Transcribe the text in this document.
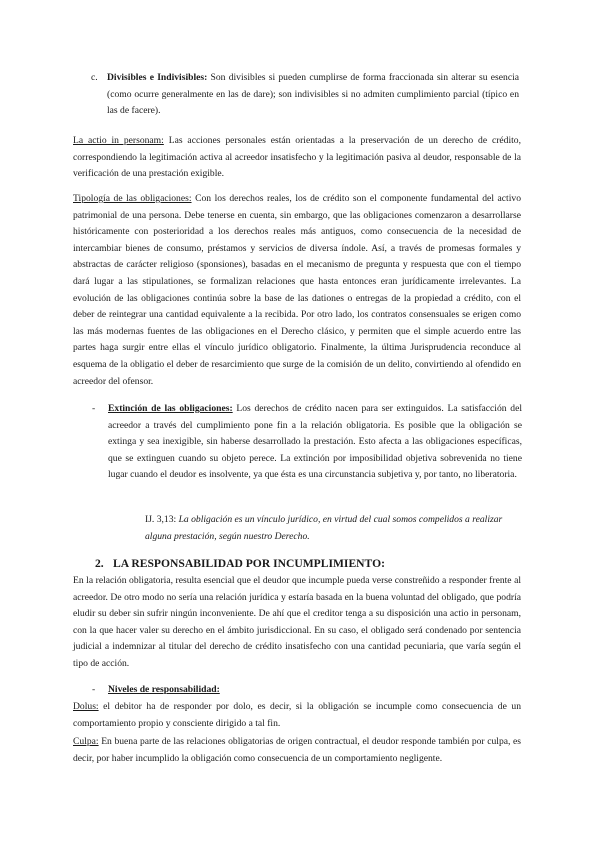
c. Divisibles e Indivisibles: Son divisibles si pueden cumplirse de forma fraccionada sin alterar su esencia (como ocurre generalmente en las de dare); son indivisibles si no admiten cumplimiento parcial (típico en las de facere).
La actio in personam: Las acciones personales están orientadas a la preservación de un derecho de crédito, correspondiendo la legitimación activa al acreedor insatisfecho y la legitimación pasiva al deudor, responsable de la verificación de una prestación exigible.
Tipología de las obligaciones: Con los derechos reales, los de crédito son el componente fundamental del activo patrimonial de una persona. Debe tenerse en cuenta, sin embargo, que las obligaciones comenzaron a desarrollarse históricamente con posterioridad a los derechos reales más antiguos, como consecuencia de la necesidad de intercambiar bienes de consumo, préstamos y servicios de diversa índole. Así, a través de promesas formales y abstractas de carácter religioso (sponsiones), basadas en el mecanismo de pregunta y respuesta que con el tiempo dará lugar a las stipulationes, se formalizan relaciones que hasta entonces eran jurídicamente irrelevantes. La evolución de las obligaciones continúa sobre la base de las dationes o entregas de la propiedad a crédito, con el deber de reintegrar una cantidad equivalente a la recibida. Por otro lado, los contratos consensuales se erigen como las más modernas fuentes de las obligaciones en el Derecho clásico, y permiten que el simple acuerdo entre las partes haga surgir entre ellas el vínculo jurídico obligatorio. Finalmente, la última Jurisprudencia reconduce al esquema de la obligatio el deber de resarcimiento que surge de la comisión de un delito, convirtiendo al ofendido en acreedor del ofensor.
- Extinción de las obligaciones: Los derechos de crédito nacen para ser extinguidos. La satisfacción del acreedor a través del cumplimiento pone fin a la relación obligatoria. Es posible que la obligación se extinga y sea inexigible, sin haberse desarrollado la prestación. Esto afecta a las obligaciones específicas, que se extinguen cuando su objeto perece. La extinción por imposibilidad objetiva sobrevenida no tiene lugar cuando el deudor es insolvente, ya que ésta es una circunstancia subjetiva y, por tanto, no liberatoria.
IJ. 3,13: La obligación es un vínculo jurídico, en virtud del cual somos compelidos a realizar alguna prestación, según nuestro Derecho.
2. LA RESPONSABILIDAD POR INCUMPLIMIENTO:
En la relación obligatoria, resulta esencial que el deudor que incumple pueda verse constreñido a responder frente al acreedor. De otro modo no sería una relación jurídica y estaría basada en la buena voluntad del obligado, que podría eludir su deber sin sufrir ningún inconveniente. De ahí que el creditor tenga a su disposición una actio in personam, con la que hacer valer su derecho en el ámbito jurisdiccional. En su caso, el obligado será condenado por sentencia judicial a indemnizar al titular del derecho de crédito insatisfecho con una cantidad pecuniaria, que varía según el tipo de acción.
- Niveles de responsabilidad:
Dolus: el debitor ha de responder por dolo, es decir, si la obligación se incumple como consecuencia de un comportamiento propio y consciente dirigido a tal fin.
Culpa: En buena parte de las relaciones obligatorias de origen contractual, el deudor responde también por culpa, es decir, por haber incumplido la obligación como consecuencia de un comportamiento negligente.
